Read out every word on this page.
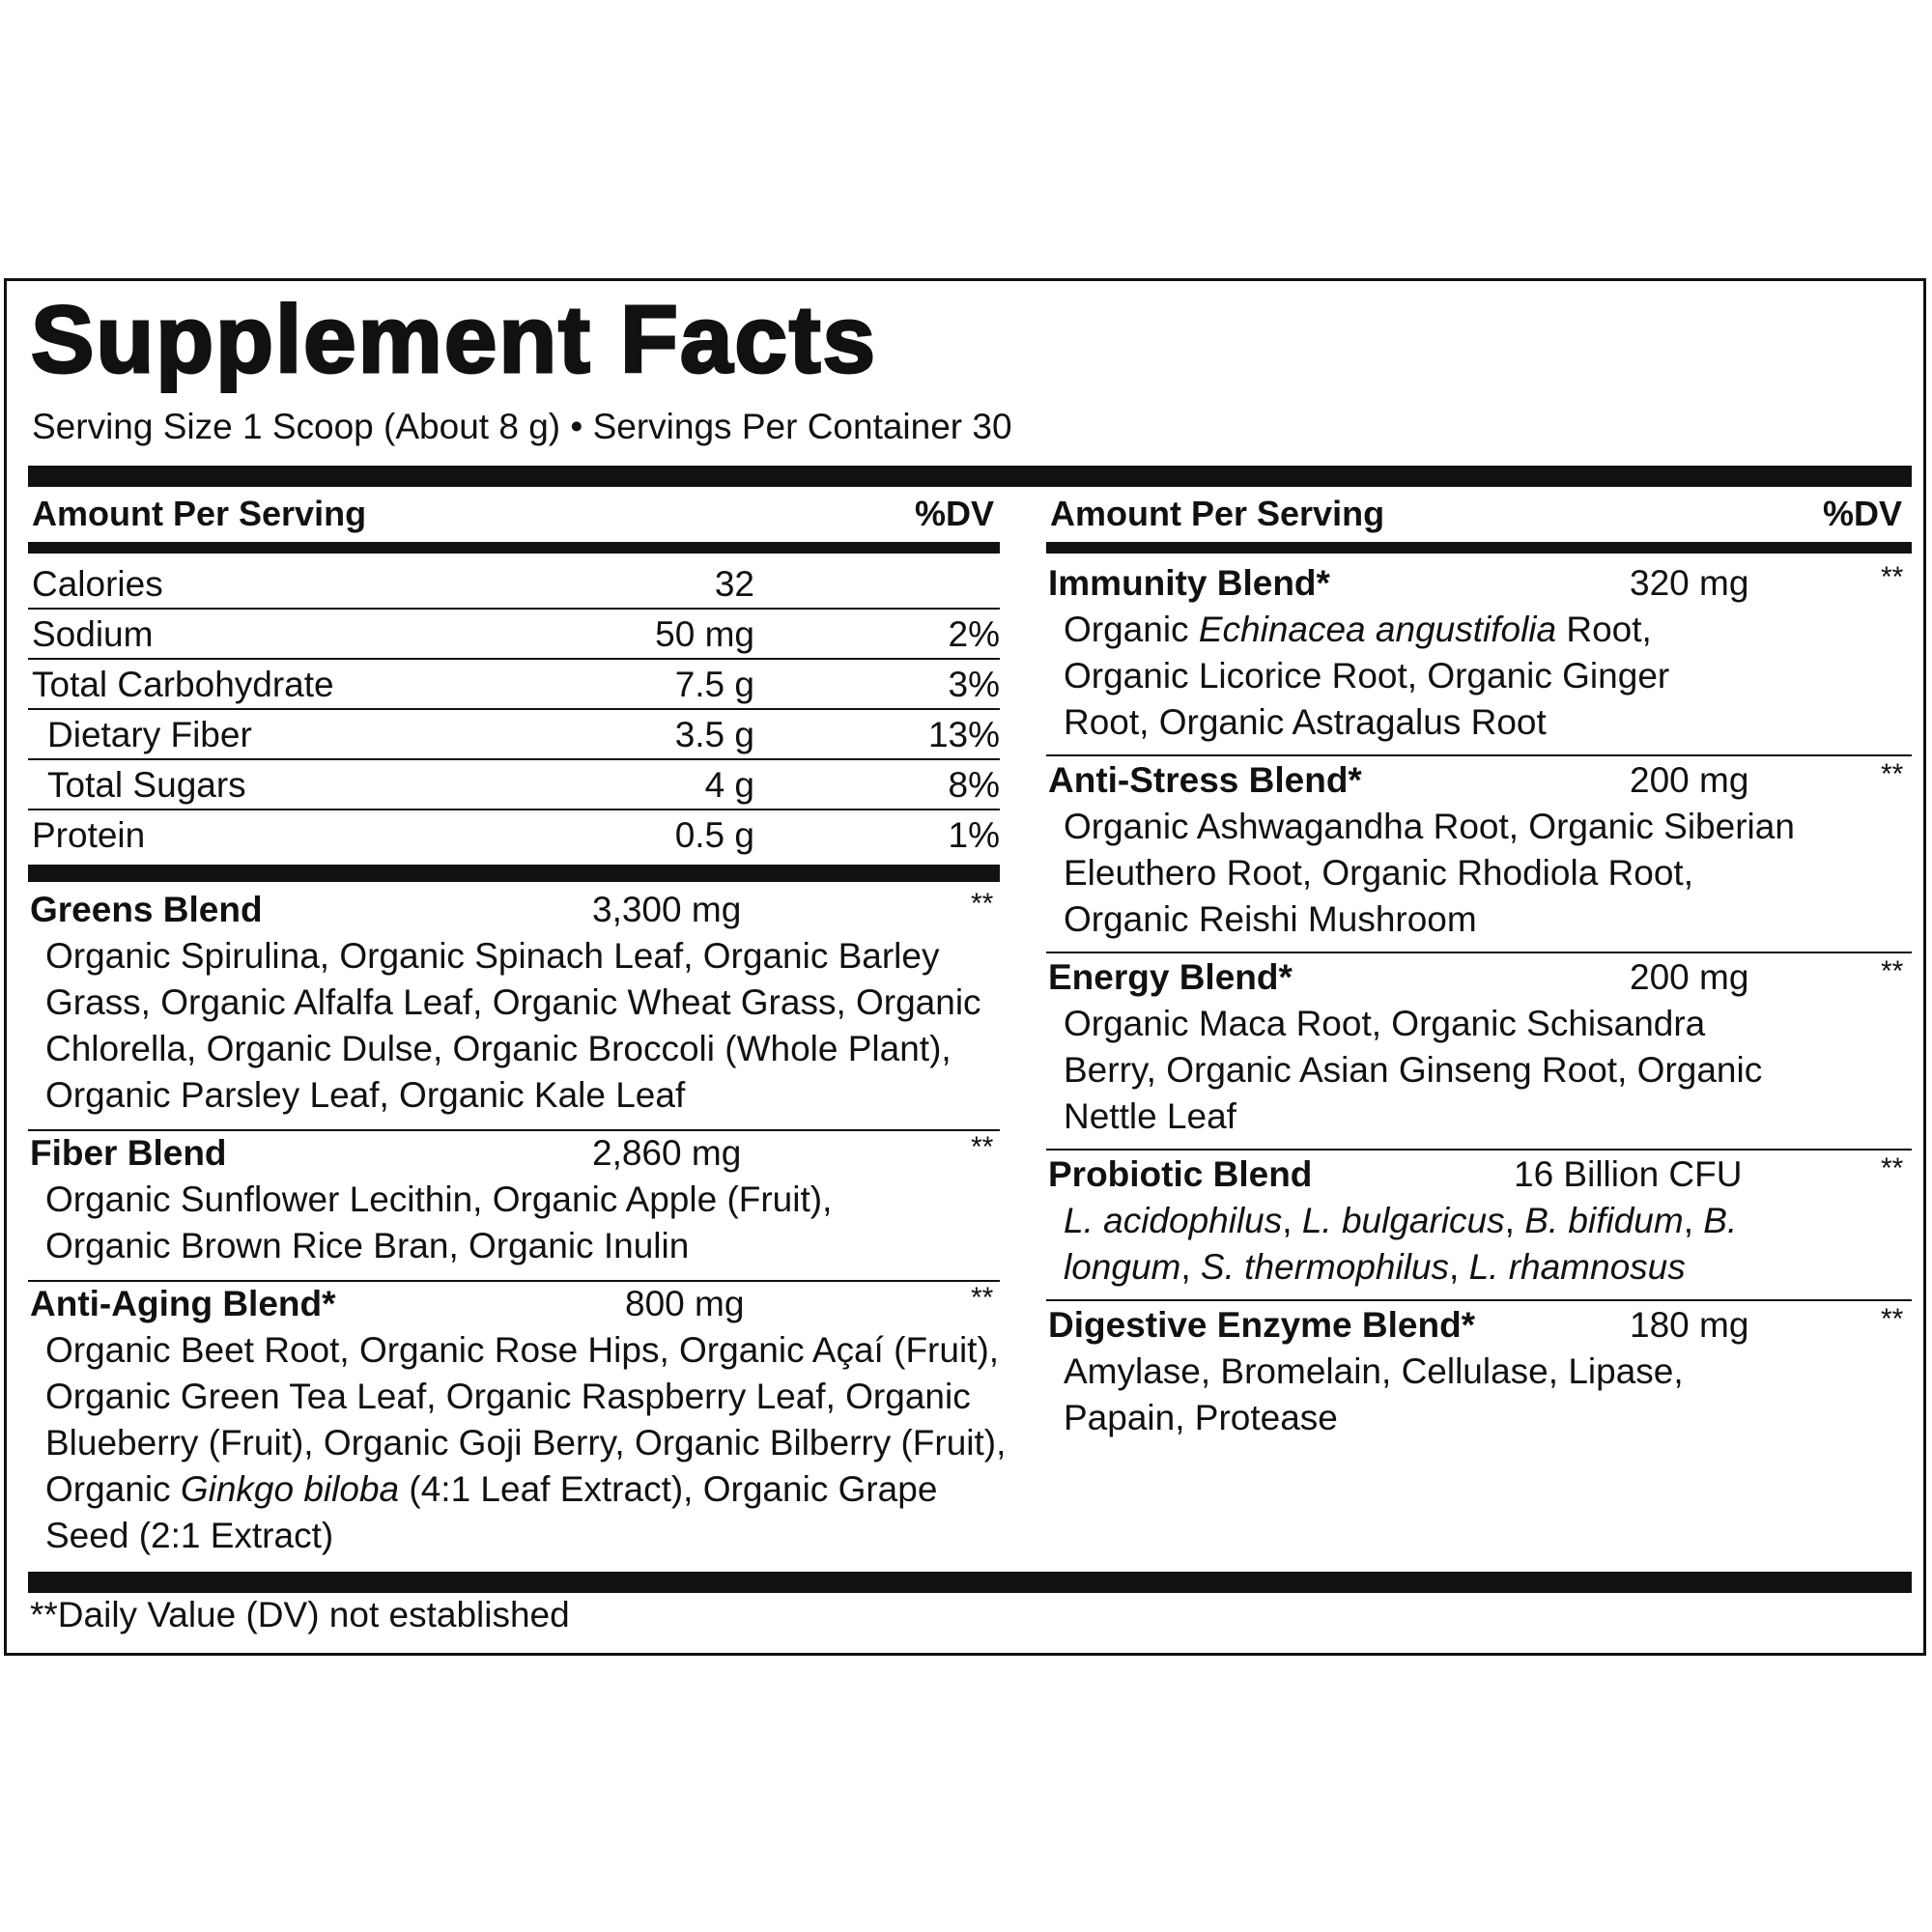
Supplement Facts
Serving Size 1 Scoop (About 8 g) • Servings Per Container 30
Amount Per Serving	%DV
Calories	32
Sodium	50 mg	2%
Total Carbohydrate	7.5 g	3%
Dietary Fiber	3.5 g	13%
Total Sugars	4 g	8%
Protein	0.5 g	1%
Greens Blend	3,300 mg	**
Organic Spirulina, Organic Spinach Leaf, Organic Barley Grass, Organic Alfalfa Leaf, Organic Wheat Grass, Organic Chlorella, Organic Dulse, Organic Broccoli (Whole Plant), Organic Parsley Leaf, Organic Kale Leaf
Fiber Blend	2,860 mg	**
Organic Sunflower Lecithin, Organic Apple (Fruit), Organic Brown Rice Bran, Organic Inulin
Anti-Aging Blend*	800 mg	**
Organic Beet Root, Organic Rose Hips, Organic Açaí (Fruit), Organic Green Tea Leaf, Organic Raspberry Leaf, Organic Blueberry (Fruit), Organic Goji Berry, Organic Bilberry (Fruit), Organic Ginkgo biloba (4:1 Leaf Extract), Organic Grape Seed (2:1 Extract)
Amount Per Serving	%DV
Immunity Blend*	320 mg	**
Organic Echinacea angustifolia Root, Organic Licorice Root, Organic Ginger Root, Organic Astragalus Root
Anti-Stress Blend*	200 mg	**
Organic Ashwagandha Root, Organic Siberian Eleuthero Root, Organic Rhodiola Root, Organic Reishi Mushroom
Energy Blend*	200 mg	**
Organic Maca Root, Organic Schisandra Berry, Organic Asian Ginseng Root, Organic Nettle Leaf
Probiotic Blend	16 Billion CFU	**
L. acidophilus, L. bulgaricus, B. bifidum, B. longum, S. thermophilus, L. rhamnosus
Digestive Enzyme Blend*	180 mg	**
Amylase, Bromelain, Cellulase, Lipase, Papain, Protease
**Daily Value (DV) not established
